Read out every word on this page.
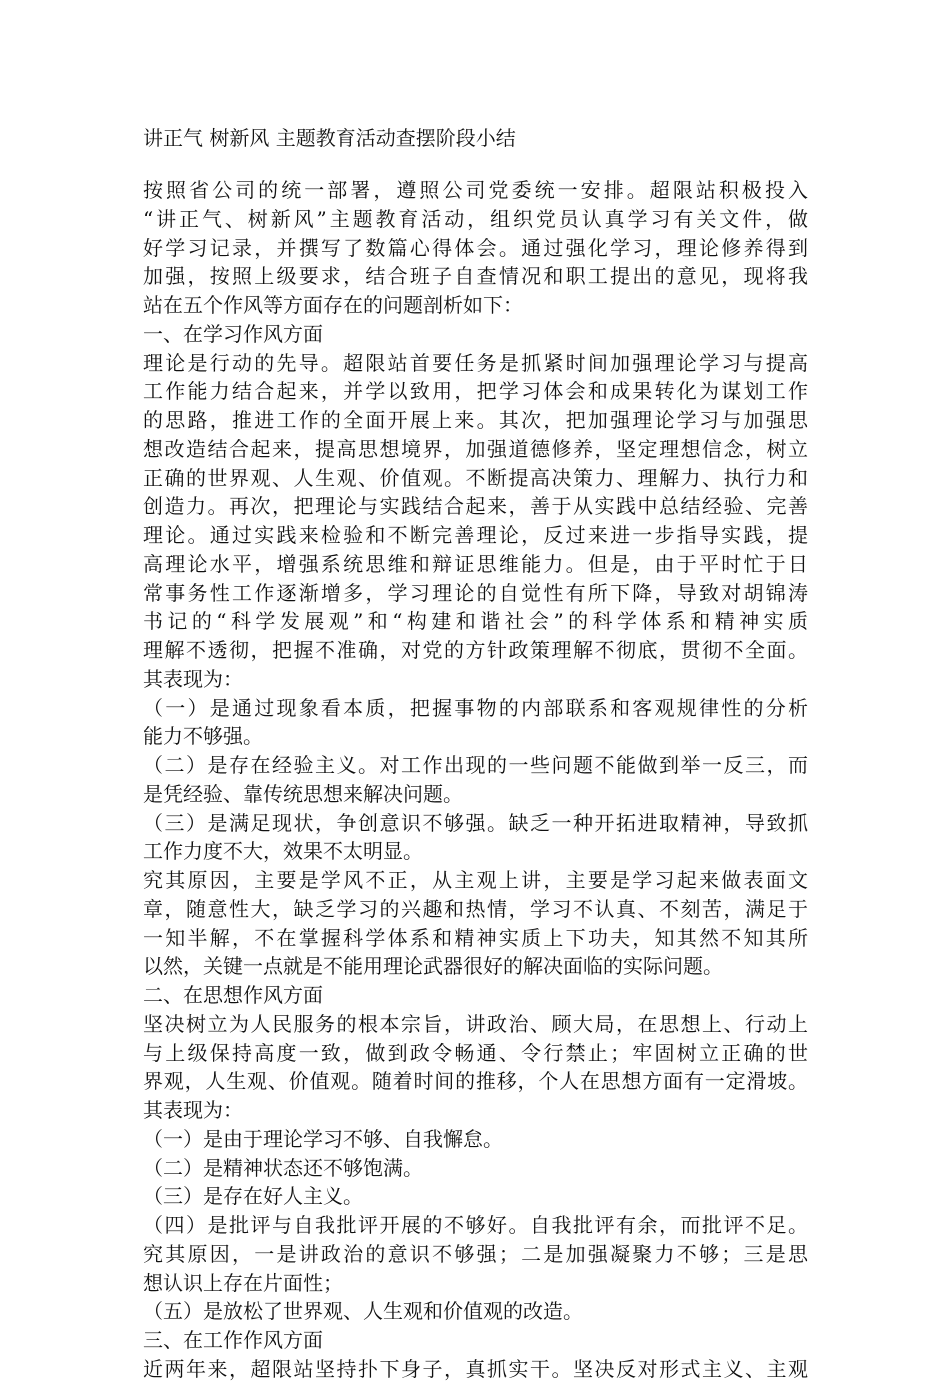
讲正气 树新风 主题教育活动查摆阶段小结
按照省公司的统一部署，遵照公司党委统一安排。超限站积极投入
“讲正气、树新风”主题教育活动，组织党员认真学习有关文件，做
好学习记录，并撰写了数篇心得体会。通过强化学习，理论修养得到
加强，按照上级要求，结合班子自查情况和职工提出的意见，现将我
站在五个作风等方面存在的问题剖析如下：
一、在学习作风方面
理论是行动的先导。超限站首要任务是抓紧时间加强理论学习与提高
工作能力结合起来，并学以致用，把学习体会和成果转化为谋划工作
的思路，推进工作的全面开展上来。其次，把加强理论学习与加强思
想改造结合起来，提高思想境界，加强道德修养，坚定理想信念，树立
正确的世界观、人生观、价值观。不断提高决策力、理解力、执行力和
创造力。再次，把理论与实践结合起来，善于从实践中总结经验、完善
理论。通过实践来检验和不断完善理论，反过来进一步指导实践，提
高理论水平，增强系统思维和辩证思维能力。但是，由于平时忙于日
常事务性工作逐渐增多，学习理论的自觉性有所下降，导致对胡锦涛
书记的“科学发展观”和“构建和谐社会”的科学体系和精神实质
理解不透彻，把握不准确，对党的方针政策理解不彻底，贯彻不全面。
其表现为：
（一）是通过现象看本质，把握事物的内部联系和客观规律性的分析
能力不够强。
（二）是存在经验主义。对工作出现的一些问题不能做到举一反三，而
是凭经验、靠传统思想来解决问题。
（三）是满足现状，争创意识不够强。缺乏一种开拓进取精神，导致抓
工作力度不大，效果不太明显。
究其原因，主要是学风不正，从主观上讲，主要是学习起来做表面文
章，随意性大，缺乏学习的兴趣和热情，学习不认真、不刻苦，满足于
一知半解，不在掌握科学体系和精神实质上下功夫，知其然不知其所
以然，关键一点就是不能用理论武器很好的解决面临的实际问题。
二、在思想作风方面
坚决树立为人民服务的根本宗旨，讲政治、顾大局，在思想上、行动上
与上级保持高度一致，做到政令畅通、令行禁止；牢固树立正确的世
界观，人生观、价值观。随着时间的推移，个人在思想方面有一定滑坡。
其表现为：
（一）是由于理论学习不够、自我懈怠。
（二）是精神状态还不够饱满。
（三）是存在好人主义。
（四）是批评与自我批评开展的不够好。自我批评有余，而批评不足。
究其原因，一是讲政治的意识不够强；二是加强凝聚力不够；三是思
想认识上存在片面性；
（五）是放松了世界观、人生观和价值观的改造。
三、在工作作风方面
近两年来，超限站坚持扑下身子，真抓实干。坚决反对形式主义、主观
